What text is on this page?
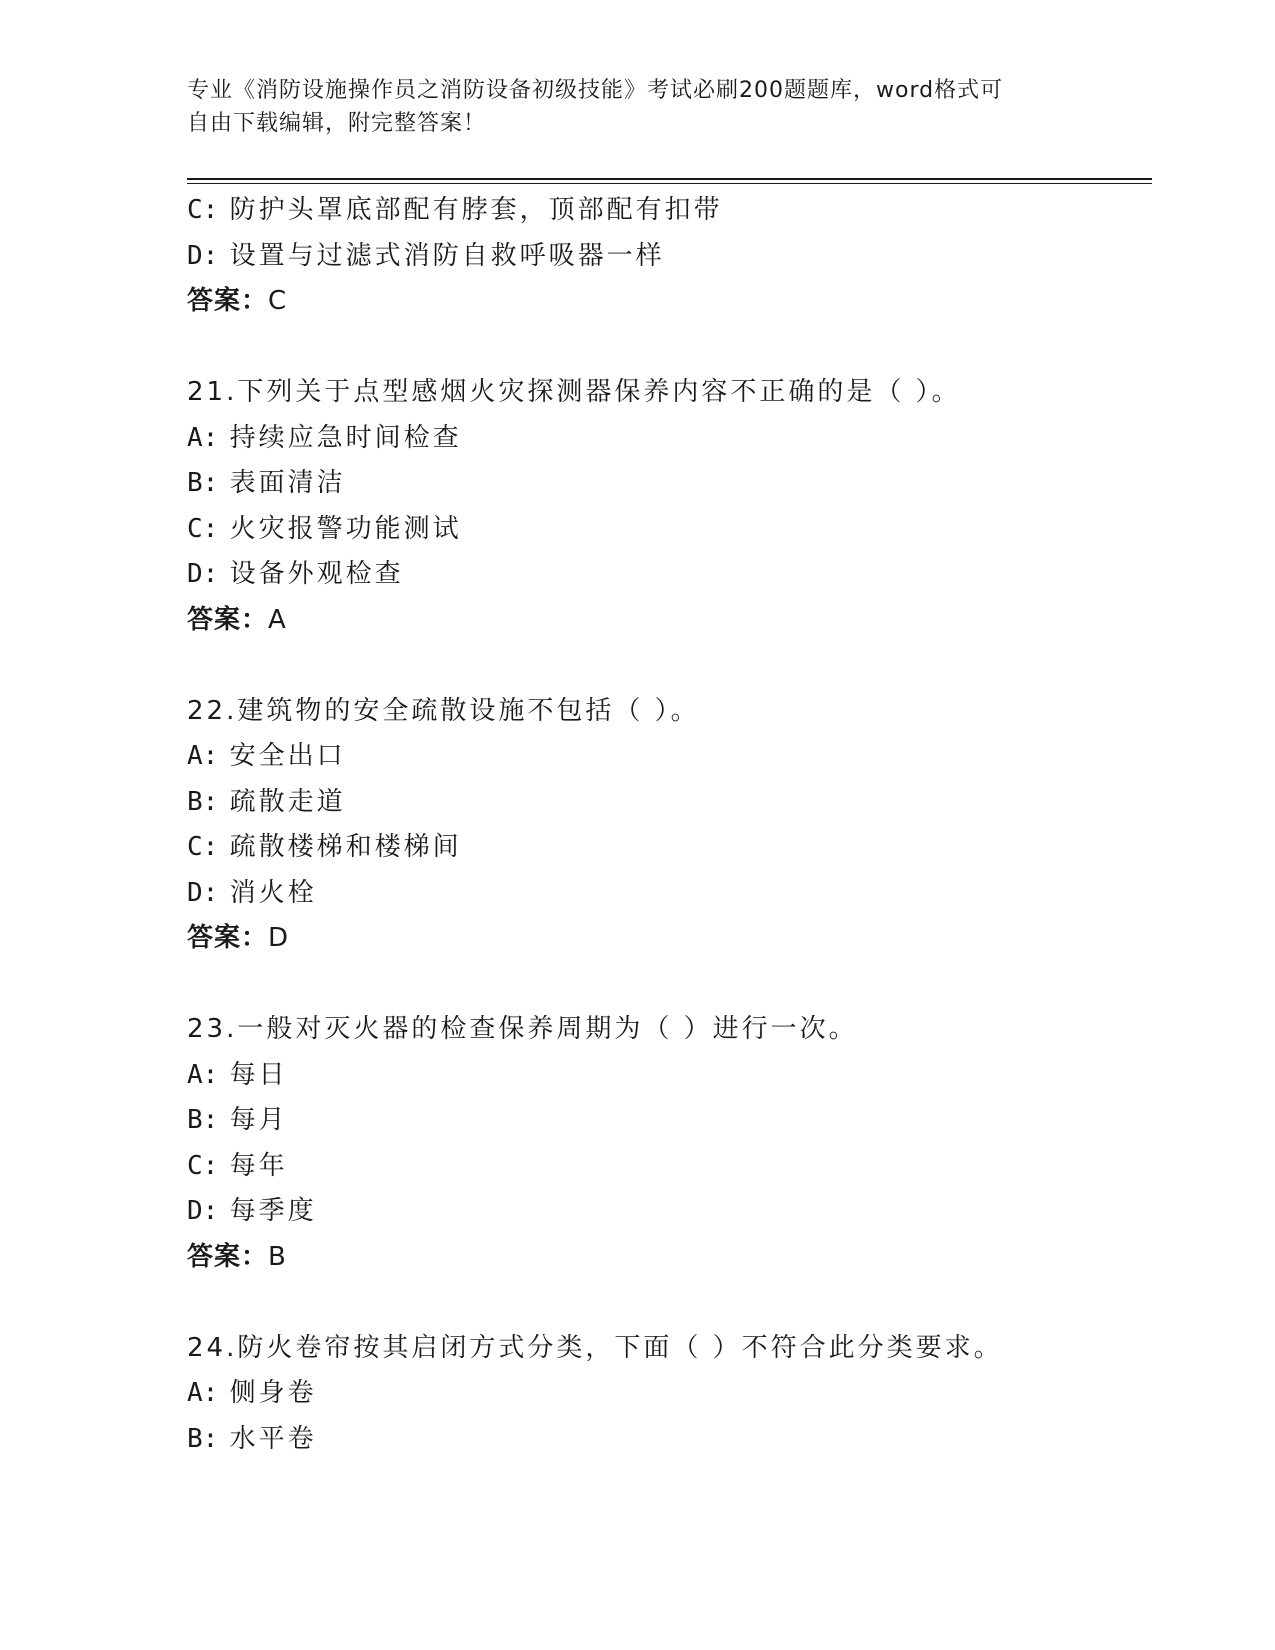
专业《消防设施操作员之消防设备初级技能》考试必刷200题题库，word格式可
自由下载编辑，附完整答案！
C: 防护头罩底部配有脖套，顶部配有扣带
D: 设置与过滤式消防自救呼吸器一样
答案：C
21.下列关于点型感烟火灾探测器保养内容不正确的是（ ）。
A: 持续应急时间检查
B: 表面清洁
C: 火灾报警功能测试
D: 设备外观检查
答案：A
22.建筑物的安全疏散设施不包括（ ）。
A: 安全出口
B: 疏散走道
C: 疏散楼梯和楼梯间
D: 消火栓
答案：D
23.一般对灭火器的检查保养周期为（ ）进行一次。
A: 每日
B: 每月
C: 每年
D: 每季度
答案：B
24.防火卷帘按其启闭方式分类，下面（ ）不符合此分类要求。
A: 侧身卷
B: 水平卷
